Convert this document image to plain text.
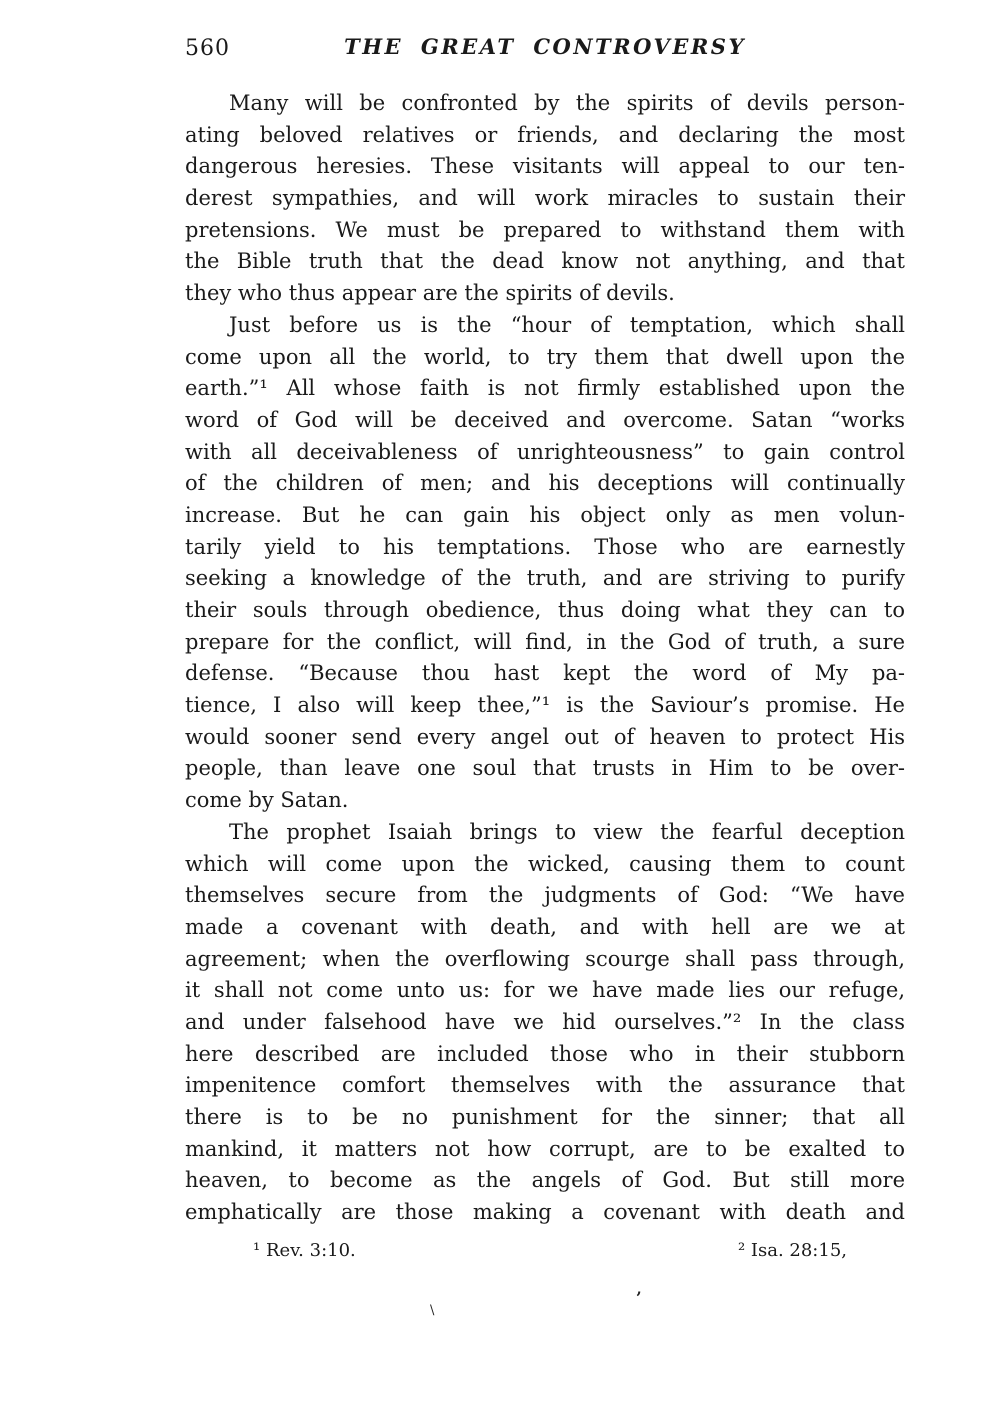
560	THE GREAT CONTROVERSY
Many will be confronted by the spirits of devils person-
ating beloved relatives or friends, and declaring the most
dangerous heresies. These visitants will appeal to our ten-
derest sympathies, and will work miracles to sustain their
pretensions. We must be prepared to withstand them with
the Bible truth that the dead know not anything, and that
they who thus appear are the spirits of devils.
Just before us is the “hour of temptation, which shall
come upon all the world, to try them that dwell upon the
earth.”¹ All whose faith is not firmly established upon the
word of God will be deceived and overcome. Satan “works
with all deceivableness of unrighteousness” to gain control
of the children of men; and his deceptions will continually
increase. But he can gain his object only as men volun-
tarily yield to his temptations. Those who are earnestly
seeking a knowledge of the truth, and are striving to purify
their souls through obedience, thus doing what they can to
prepare for the conflict, will find, in the God of truth, a sure
defense. “Because thou hast kept the word of My pa-
tience, I also will keep thee,”¹ is the Saviour’s promise. He
would sooner send every angel out of heaven to protect His
people, than leave one soul that trusts in Him to be over-
come by Satan.
The prophet Isaiah brings to view the fearful deception
which will come upon the wicked, causing them to count
themselves secure from the judgments of God: “We have
made a covenant with death, and with hell are we at
agreement; when the overflowing scourge shall pass through,
it shall not come unto us: for we have made lies our refuge,
and under falsehood have we hid ourselves.”² In the class
here described are included those who in their stubborn
impenitence comfort themselves with the assurance that
there is to be no punishment for the sinner; that all
mankind, it matters not how corrupt, are to be exalted to
heaven, to become as the angels of God. But still more
emphatically are those making a covenant with death and
¹ Rev. 3:10.	² Isa. 28:15,
’
\
